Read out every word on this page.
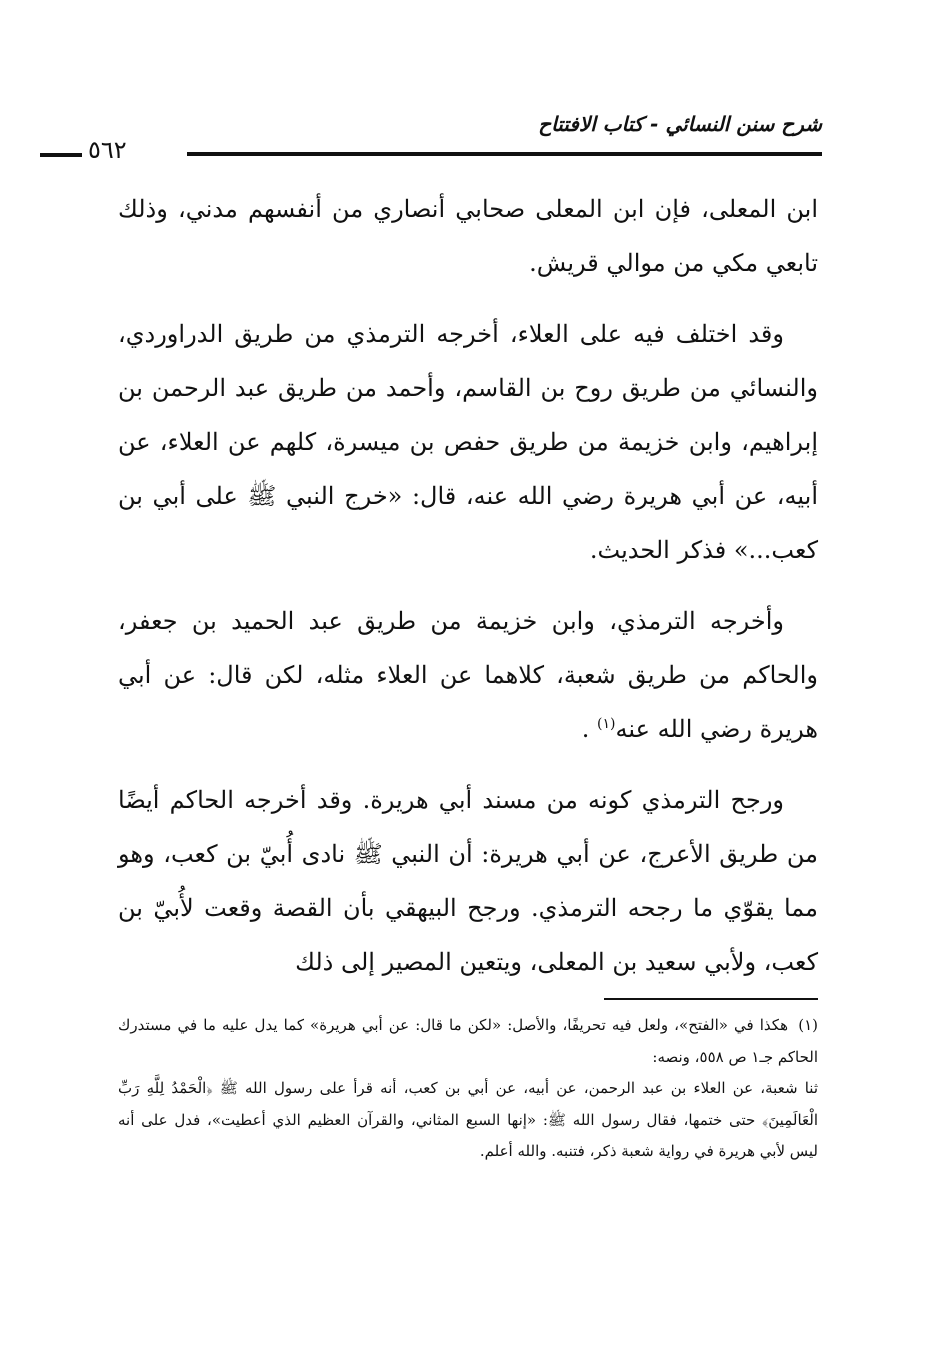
شرح سنن النسائي - كتاب الافتتاح
٥٦٢

ابن المعلى، فإن ابن المعلى صحابي أنصاري من أنفسهم مدني، وذلك تابعي مكي من موالي قريش.

وقد اختلف فيه على العلاء، أخرجه الترمذي من طريق الدراوردي، والنسائي من طريق روح بن القاسم، وأحمد من طريق عبد الرحمن بن إبراهيم، وابن خزيمة من طريق حفص بن ميسرة، كلهم عن العلاء، عن أبيه، عن أبي هريرة رضي الله عنه، قال: «خرج النبي ﷺ على أبي بن كعب...» فذكر الحديث.

وأخرجه الترمذي، وابن خزيمة من طريق عبد الحميد بن جعفر، والحاكم من طريق شعبة، كلاهما عن العلاء مثله، لكن قال: عن أبي هريرة رضي الله عنه$^{(١)}$ .

ورجح الترمذي كونه من مسند أبي هريرة. وقد أخرجه الحاكم أيضًا من طريق الأعرج، عن أبي هريرة: أن النبي ﷺ نادى أُبيّ بن كعب، وهو مما يقوّي ما رجحه الترمذي. ورجح البيهقي بأن القصة وقعت لأُبيّ بن كعب، ولأبي سعيد بن المعلى، ويتعين المصير إلى ذلك

(١)هكذا في «الفتح»، ولعل فيه تحريفًا، والأصل: «لكن ما قال: عن أبي هريرة» كما يدل عليه ما في مستدرك الحاكم جـ١ ص ٥٥٨، ونصه:

ثنا شعبة، عن العلاء بن عبد الرحمن، عن أبيه، عن أبي بن كعب، أنه قرأ على رسول الله ﷺ ﴿الْحَمْدُ لِلَّهِ رَبِّ الْعَالَمِينَ﴾ حتى ختمها، فقال رسول الله ﷺ: «إنها السبع المثاني، والقرآن العظيم الذي أعطيت»، فدل على أنه ليس لأبي هريرة في رواية شعبة ذكر، فتنبه. والله أعلم.
